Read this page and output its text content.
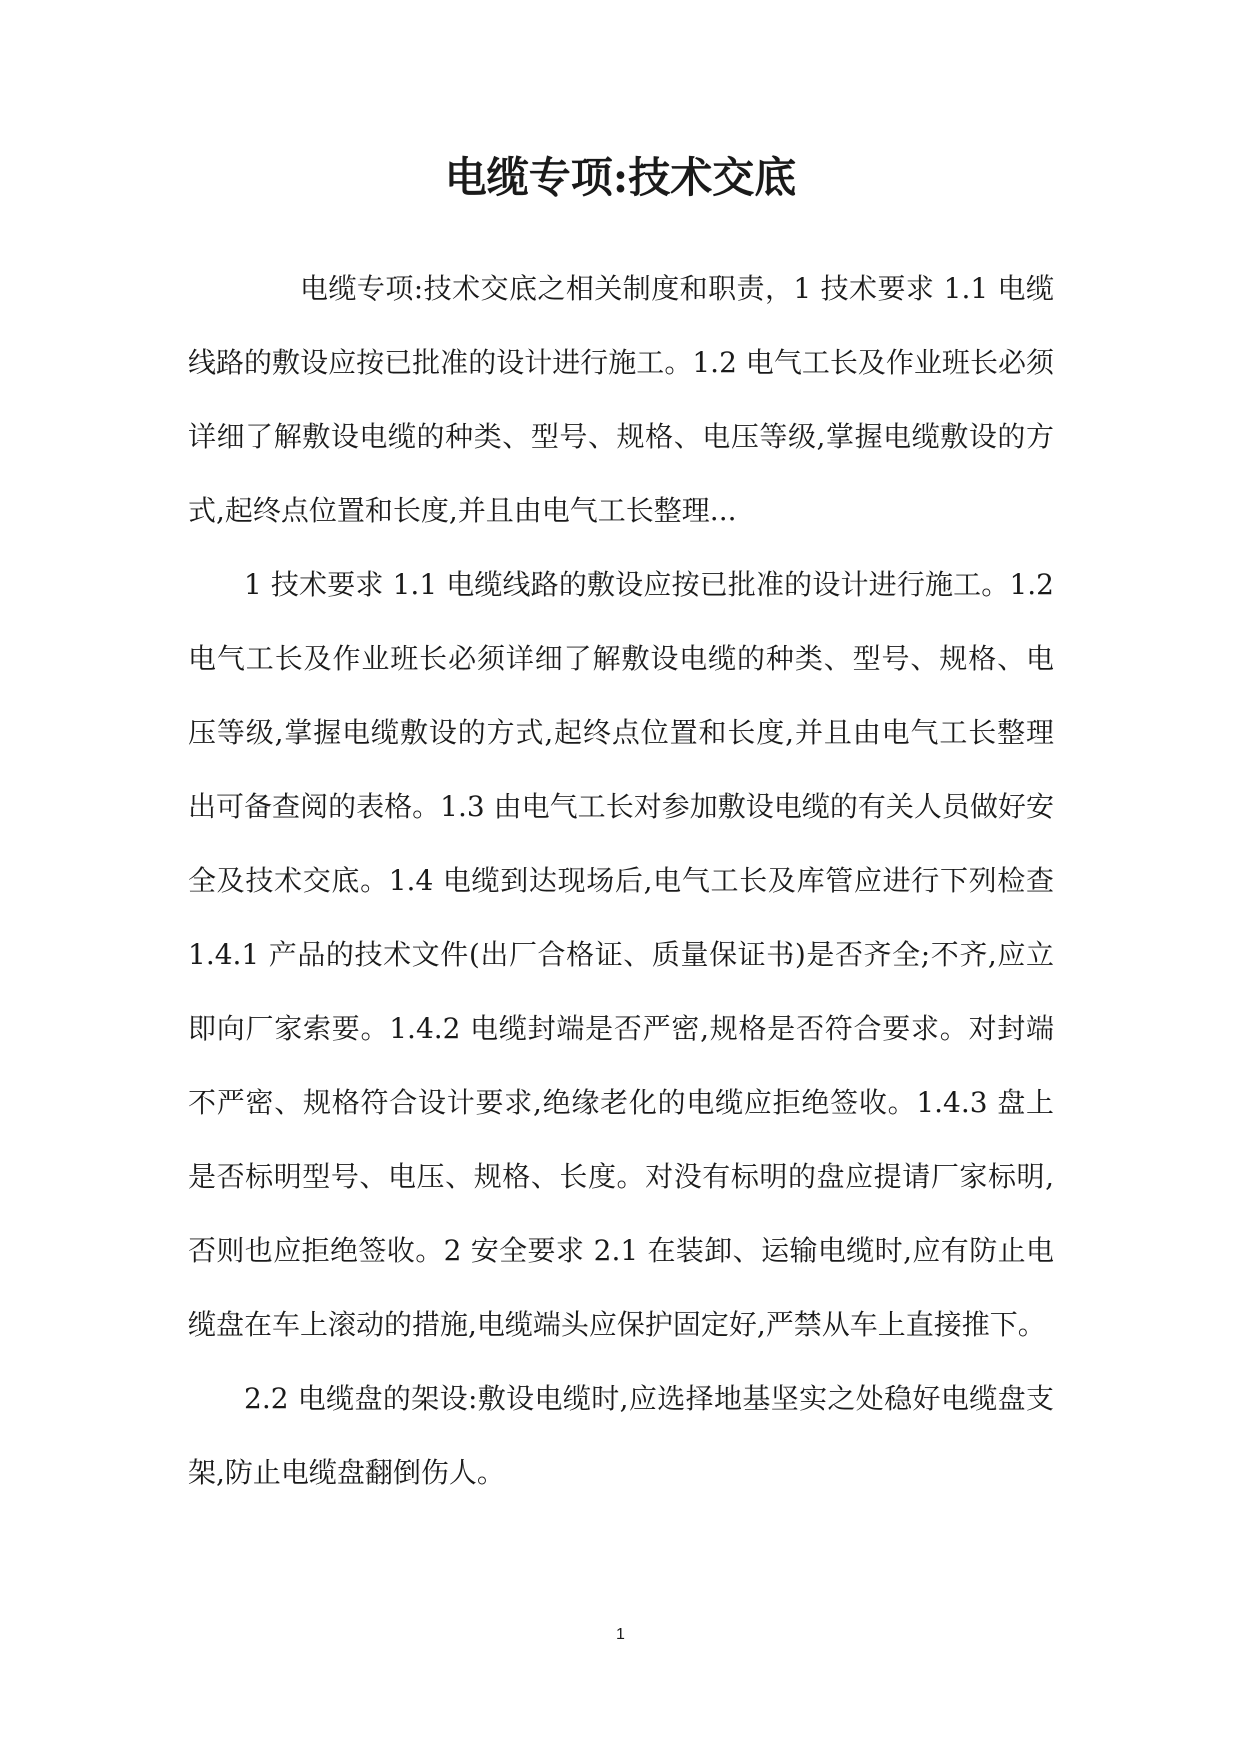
电缆专项:技术交底

电缆专项:技术交底之相关制度和职责，1 技术要求 1.1 电缆线路的敷设应按已批准的设计进行施工。1.2 电气工长及作业班长必须详细了解敷设电缆的种类、型号、规格、电压等级,掌握电缆敷设的方式,起终点位置和长度,并且由电气工长整理...

1 技术要求 1.1 电缆线路的敷设应按已批准的设计进行施工。1.2 电气工长及作业班长必须详细了解敷设电缆的种类、型号、规格、电压等级,掌握电缆敷设的方式,起终点位置和长度,并且由电气工长整理出可备查阅的表格。1.3 由电气工长对参加敷设电缆的有关人员做好安全及技术交底。1.4 电缆到达现场后,电气工长及库管应进行下列检查 1.4.1 产品的技术文件(出厂合格证、质量保证书)是否齐全;不齐,应立即向厂家索要。1.4.2 电缆封端是否严密,规格是否符合要求。对封端不严密、规格符合设计要求,绝缘老化的电缆应拒绝签收。1.4.3 盘上是否标明型号、电压、规格、长度。对没有标明的盘应提请厂家标明,否则也应拒绝签收。2 安全要求 2.1 在装卸、运输电缆时,应有防止电缆盘在车上滚动的措施,电缆端头应保护固定好,严禁从车上直接推下。

2.2 电缆盘的架设:敷设电缆时,应选择地基坚实之处稳好电缆盘支架,防止电缆盘翻倒伤人。

1
